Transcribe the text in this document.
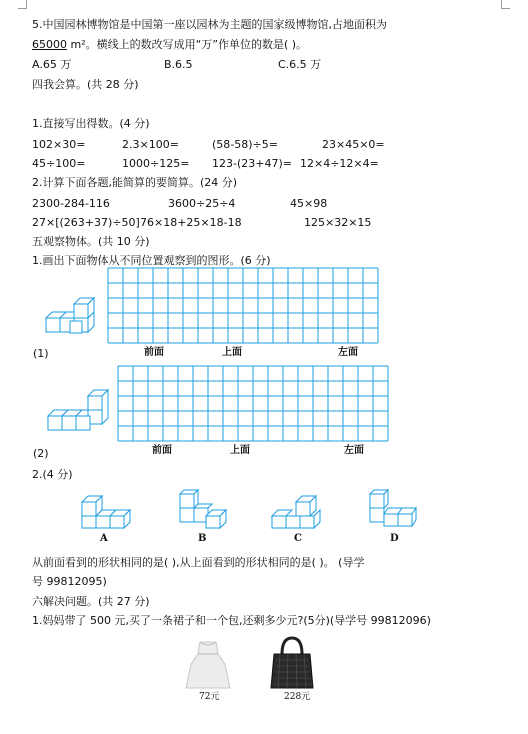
5.中国园林博物馆是中国第一座以园林为主题的国家级博物馆,占地面积为
65000 m²。横线上的数改写成用“万”作单位的数是( )。
A.65 万	B.6.5	C.6.5 万
四我会算。(共 28 分)
1.直接写出得数。(4 分)
102×30=	2.3×100=	(58-58)÷5=	23×45×0=
45÷100=	1000÷125= 123-(23+47)= 12×4÷12×4=
2.计算下面各题,能简算的要简算。(24 分)
2300-284-116	3600÷25÷4	45×98
27×[(263+37)÷50] 76×18+25×18-18	125×32×15
五观察物体。(共 10 分)
1.画出下面物体从不同位置观察到的图形。(6 分)
(1)	前面	上面	左面
(2)	前面	上面	左面
2.(4 分)
A	B	C	D
从前面看到的形状相同的是( ),从上面看到的形状相同的是( )。 (导学
号 99812095)
六解决问题。(共 27 分)
1.妈妈带了 500 元,买了一条裙子和一个包,还剩多少元?(5分)(导学号 99812096)
72元	228元
